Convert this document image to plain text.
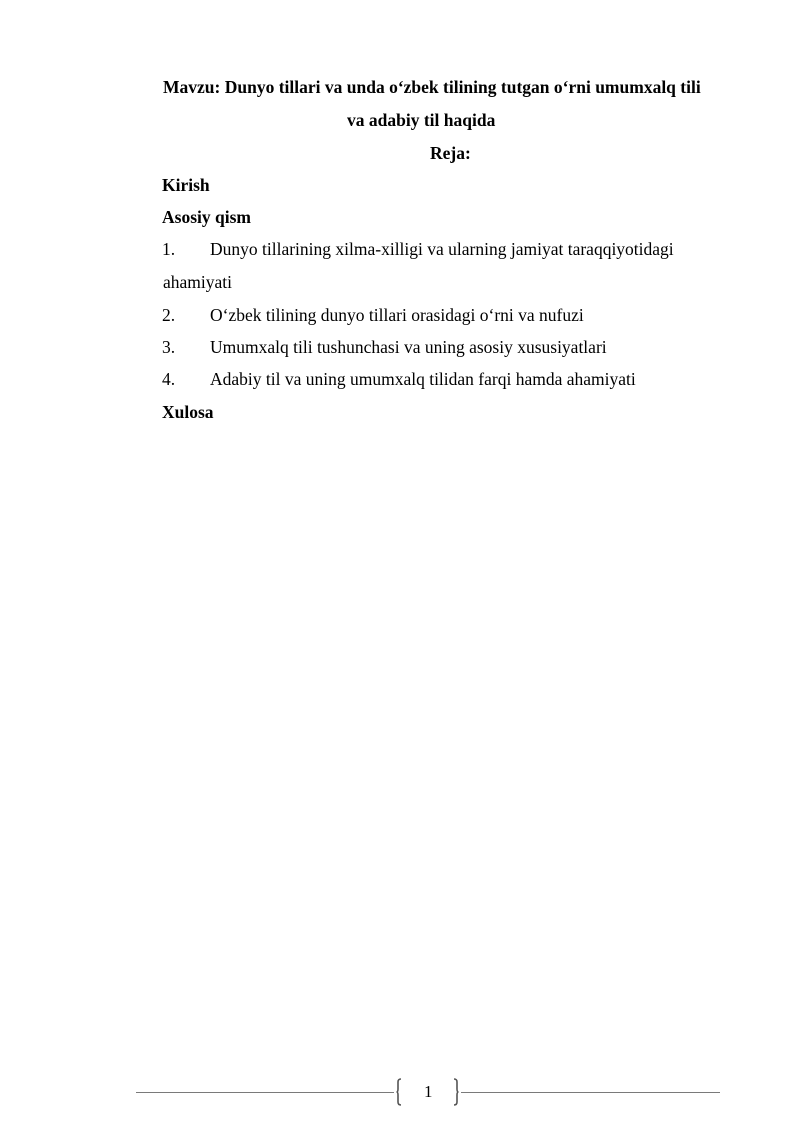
Mavzu: Dunyo tillari va unda o‘zbek tilining tutgan o‘rni umumxalq tili
va adabiy til haqida
Reja:
Kirish
Asosiy qism
1. Dunyo tillarining xilma-xilligi va ularning jamiyat taraqqiyotidagi
ahamiyati
2. O‘zbek tilining dunyo tillari orasidagi o‘rni va nufuzi
3. Umumxalq tili tushunchasi va uning asosiy xususiyatlari
4. Adabiy til va uning umumxalq tilidan farqi hamda ahamiyati
Xulosa
1
